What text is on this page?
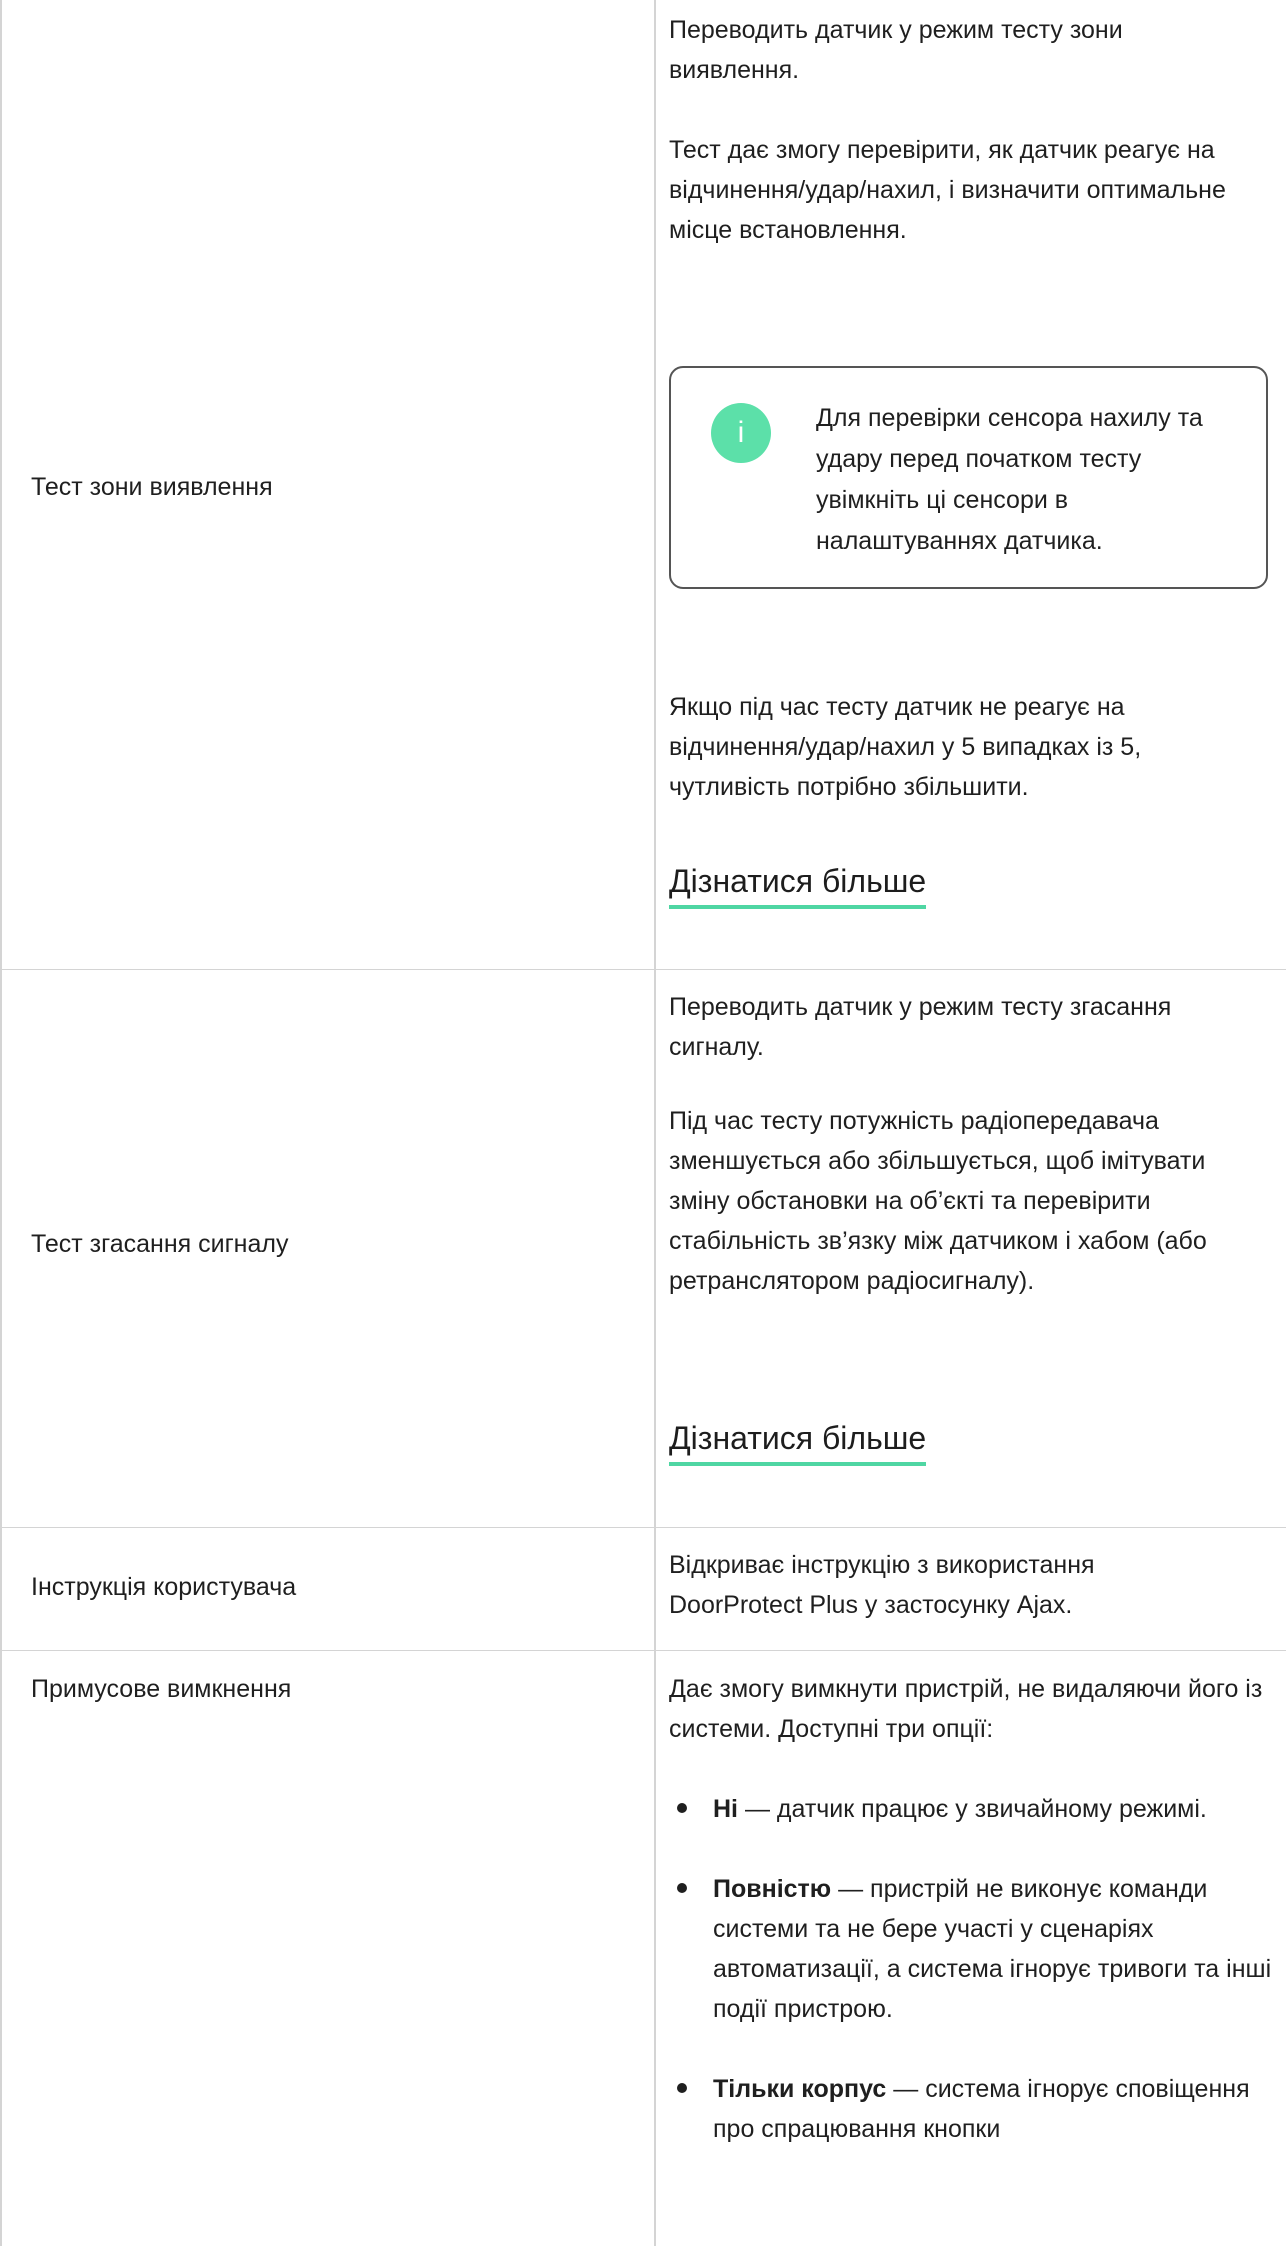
Тест зони виявлення

Переводить датчик у режим тесту зони виявлення.

Тест дає змогу перевірити, як датчик реагує на відчинення/удар/нахил, і визначити оптимальне місце встановлення.

i	Для перевірки сенсора нахилу та удару перед початком тесту увімкніть ці сенсори в налаштуваннях датчика.

Якщо під час тесту датчик не реагує на відчинення/удар/нахил у 5 випадках із 5, чутливість потрібно збільшити.

Дізнатися більше

Тест згасання сигналу

Переводить датчик у режим тесту згасання сигналу.

Під час тесту потужність радіопередавача зменшується або збільшується, щоб імітувати зміну обстановки на об’єкті та перевірити стабільність зв’язку між датчиком і хабом (або ретранслятором радіосигналу).

Дізнатися більше

Інструкція користувача

Відкриває інструкцію з використання DoorProtect Plus у застосунку Ajax.

Примусове вимкнення	Дає змогу вимкнути пристрій, не видаляючи його із системи. Доступні три опції:

Ні — датчик працює у звичайному режимі.
Повністю — пристрій не виконує команди системи та не бере участі у сценаріях автоматизації, а система ігнорує тривоги та інші події пристрою.
Тільки корпус — система ігнорує сповіщення про спрацювання кнопки
